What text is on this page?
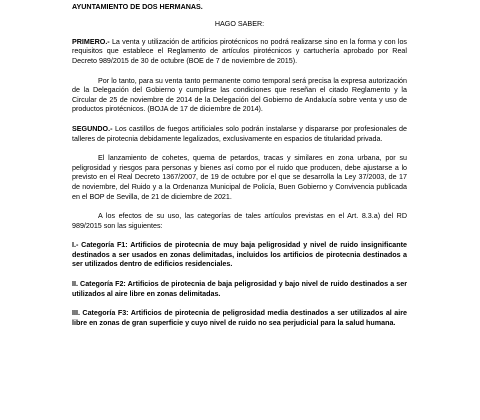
AYUNTAMIENTO DE DOS HERMANAS.
HAGO SABER:

PRIMERO.- La venta y utilización de artificios pirotécnicos no podrá realizarse sino en la forma y con los requisitos que establece el Reglamento de artículos pirotécnicos y cartuchería aprobado por Real Decreto 989/2015 de 30 de octubre (BOE de 7 de noviembre de 2015).

Por lo tanto, para su venta tanto permanente como temporal será precisa la expresa autorización de la Delegación del Gobierno y cumplirse las condiciones que reseñan el citado Reglamento y la Circular de 25 de noviembre de 2014 de la Delegación del Gobierno de Andalucía sobre venta y uso de productos pirotécnicos. (BOJA de 17 de diciembre de 2014).

SEGUNDO.- Los castillos de fuegos artificiales solo podrán instalarse y dispararse por profesionales de talleres de pirotecnia debidamente legalizados, exclusivamente en espacios de titularidad privada.

El lanzamiento de cohetes, quema de petardos, tracas y similares en zona urbana, por su peligrosidad y riesgos para personas y bienes así como por el ruido que producen, debe ajustarse a lo previsto en el Real Decreto 1367/2007, de 19 de octubre por el que se desarrolla la Ley 37/2003, de 17 de noviembre, del Ruido y a la Ordenanza Municipal de Policía, Buen Gobierno y Convivencia publicada en el BOP de Sevilla, de 21 de diciembre de 2021.

A los efectos de su uso, las categorías de tales artículos previstas en el Art. 8.3.a) del RD 989/2015 son las siguientes:

I.- Categoría F1: Artificios de pirotecnia de muy baja peligrosidad y nivel de ruido insignificante destinados a ser usados en zonas delimitadas, incluidos los artificios de pirotecnia destinados a ser utilizados dentro de edificios residenciales.

II. Categoría F2: Artificios de pirotecnia de baja peligrosidad y bajo nivel de ruido destinados a ser utilizados al aire libre en zonas delimitadas.

III. Categoría F3: Artificios de pirotecnia de peligrosidad media destinados a ser utilizados al aire libre en zonas de gran superficie y cuyo nivel de ruido no sea perjudicial para la salud humana.
